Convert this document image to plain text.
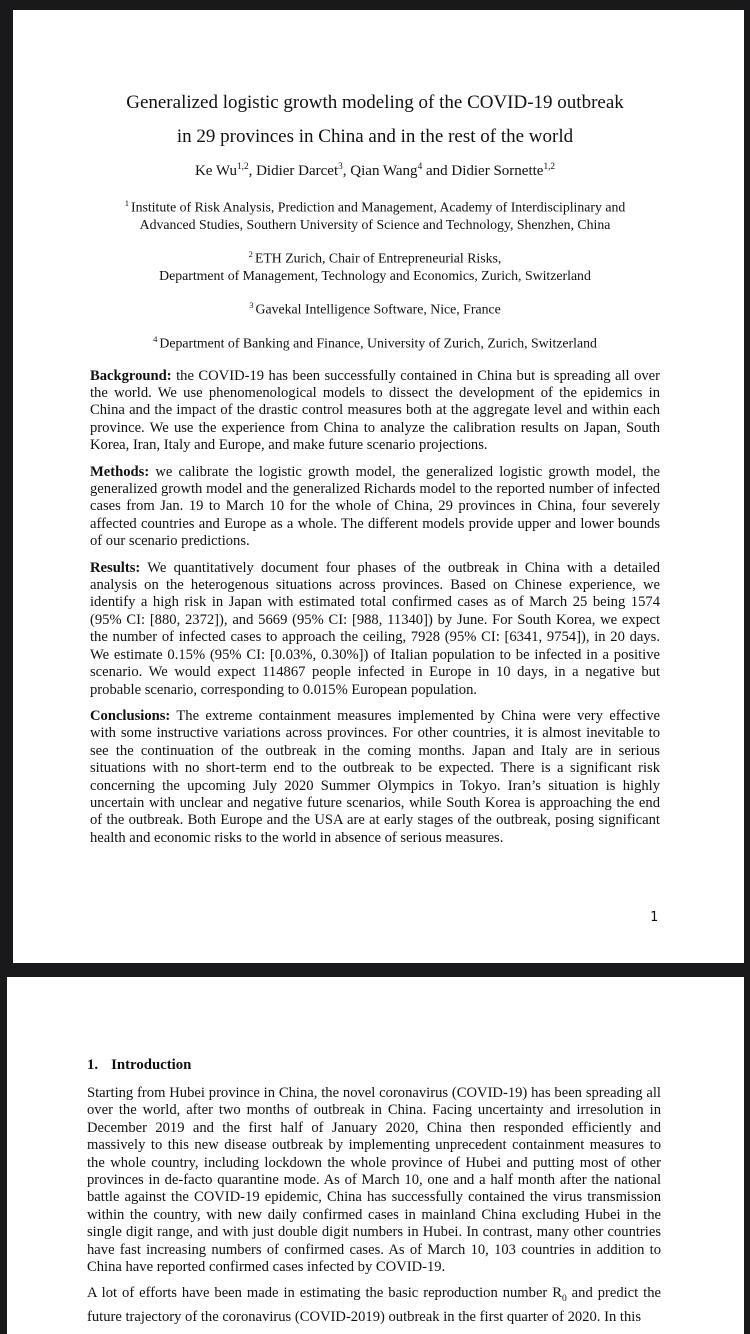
Generalized logistic growth modeling of the COVID-19 outbreak
in 29 provinces in China and in the rest of the world

Ke Wu$^{1,2}$, Didier Darcet$^3$, Qian Wang$^4$ and Didier Sornette$^{1,2}$

$^1$ Institute of Risk Analysis, Prediction and Management, Academy of Interdisciplinary and
Advanced Studies, Southern University of Science and Technology, Shenzhen, China
$^2$ ETH Zurich, Chair of Entrepreneurial Risks,
Department of Management, Technology and Economics, Zurich, Switzerland
$^3$ Gavekal Intelligence Software, Nice, France
$^4$ Department of Banking and Finance, University of Zurich, Zurich, Switzerland

Background: the COVID-19 has been successfully contained in China but is spreading all over the world. We use phenomenological models to dissect the development of the epidemics in China and the impact of the drastic control measures both at the aggregate level and within each province. We use the experience from China to analyze the calibration results on Japan, South Korea, Iran, Italy and Europe, and make future scenario projections.

Methods: we calibrate the logistic growth model, the generalized logistic growth model, the generalized growth model and the generalized Richards model to the reported number of infected cases from Jan. 19 to March 10 for the whole of China, 29 provinces in China, four severely affected countries and Europe as a whole. The different models provide upper and lower bounds of our scenario predictions.

Results: We quantitatively document four phases of the outbreak in China with a detailed analysis on the heterogenous situations across provinces. Based on Chinese experience, we identify a high risk in Japan with estimated total confirmed cases as of March 25 being 1574 (95% CI: [880, 2372]), and 5669 (95% CI: [988, 11340]) by June. For South Korea, we expect the number of infected cases to approach the ceiling, 7928 (95% CI: [6341, 9754]), in 20 days. We estimate 0.15% (95% CI: [0.03%, 0.30%]) of Italian population to be infected in a positive scenario. We would expect 114867 people infected in Europe in 10 days, in a negative but probable scenario, corresponding to 0.015% European population.

Conclusions: The extreme containment measures implemented by China were very effective with some instructive variations across provinces. For other countries, it is almost inevitable to see the continuation of the outbreak in the coming months. Japan and Italy are in serious situations with no short-term end to the outbreak to be expected. There is a significant risk concerning the upcoming July 2020 Summer Olympics in Tokyo. Iran’s situation is highly uncertain with unclear and negative future scenarios, while South Korea is approaching the end of the outbreak. Both Europe and the USA are at early stages of the outbreak, posing significant health and economic risks to the world in absence of serious measures.

1
1. Introduction

Starting from Hubei province in China, the novel coronavirus (COVID-19) has been spreading all over the world, after two months of outbreak in China. Facing uncertainty and irresolution in December 2019 and the first half of January 2020, China then responded efficiently and massively to this new disease outbreak by implementing unprecedent containment measures to the whole country, including lockdown the whole province of Hubei and putting most of other provinces in de-facto quarantine mode. As of March 10, one and a half month after the national battle against the COVID-19 epidemic, China has successfully contained the virus transmission within the country, with new daily confirmed cases in mainland China excluding Hubei in the single digit range, and with just double digit numbers in Hubei. In contrast, many other countries have fast increasing numbers of confirmed cases. As of March 10, 103 countries in addition to China have reported confirmed cases infected by COVID-19.

A lot of efforts have been made in estimating the basic reproduction number $R_0$ and predict the future trajectory of the coronavirus (COVID-2019) outbreak in the first quarter of 2020. In this
